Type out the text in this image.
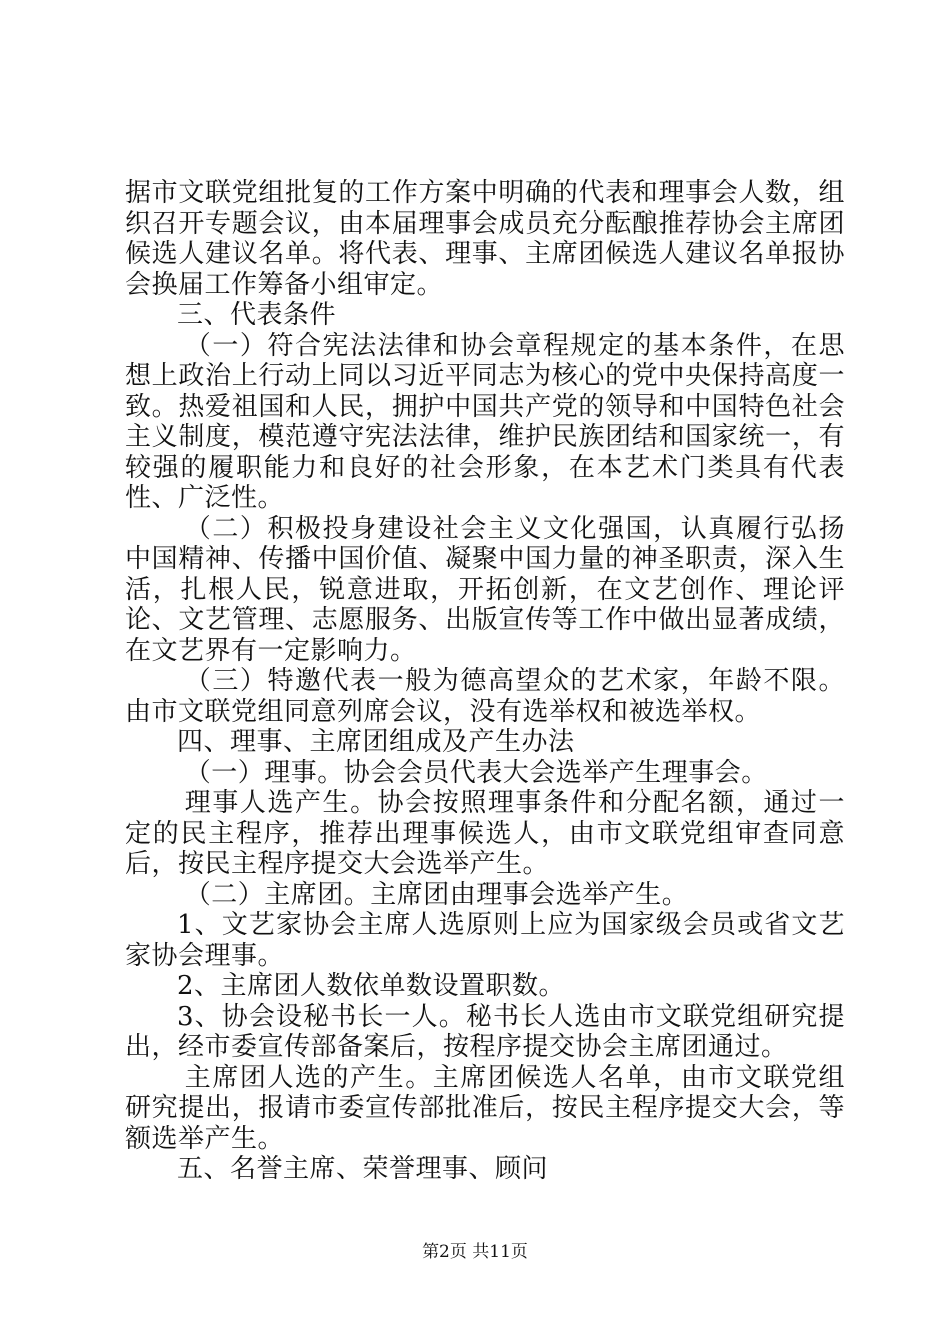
据市文联党组批复的工作方案中明确的代表和理事会人数，组织召开专题会议，由本届理事会成员充分酝酿推荐协会主席团候选人建议名单。将代表、理事、主席团候选人建议名单报协会换届工作筹备小组审定。

三、代表条件

（一）符合宪法法律和协会章程规定的基本条件，在思想上政治上行动上同以习近平同志为核心的党中央保持高度一致。热爱祖国和人民，拥护中国共产党的领导和中国特色社会主义制度，模范遵守宪法法律，维护民族团结和国家统一，有较强的履职能力和良好的社会形象，在本艺术门类具有代表性、广泛性。

（二）积极投身建设社会主义文化强国，认真履行弘扬中国精神、传播中国价值、凝聚中国力量的神圣职责，深入生活，扎根人民，锐意进取，开拓创新，在文艺创作、理论评论、文艺管理、志愿服务、出版宣传等工作中做出显著成绩，在文艺界有一定影响力。

（三）特邀代表一般为德高望众的艺术家，年龄不限。由市文联党组同意列席会议，没有选举权和被选举权。

四、理事、主席团组成及产生办法

（一）理事。协会会员代表大会选举产生理事会。

理事人选产生。协会按照理事条件和分配名额，通过一定的民主程序，推荐出理事候选人，由市文联党组审查同意后，按民主程序提交大会选举产生。

（二）主席团。主席团由理事会选举产生。

1、文艺家协会主席人选原则上应为国家级会员或省文艺家协会理事。

2、主席团人数依单数设置职数。

3、协会设秘书长一人。秘书长人选由市文联党组研究提出，经市委宣传部备案后，按程序提交协会主席团通过。

主席团人选的产生。主席团候选人名单，由市文联党组研究提出，报请市委宣传部批准后，按民主程序提交大会，等额选举产生。

五、名誉主席、荣誉理事、顾问

第2页 共11页
